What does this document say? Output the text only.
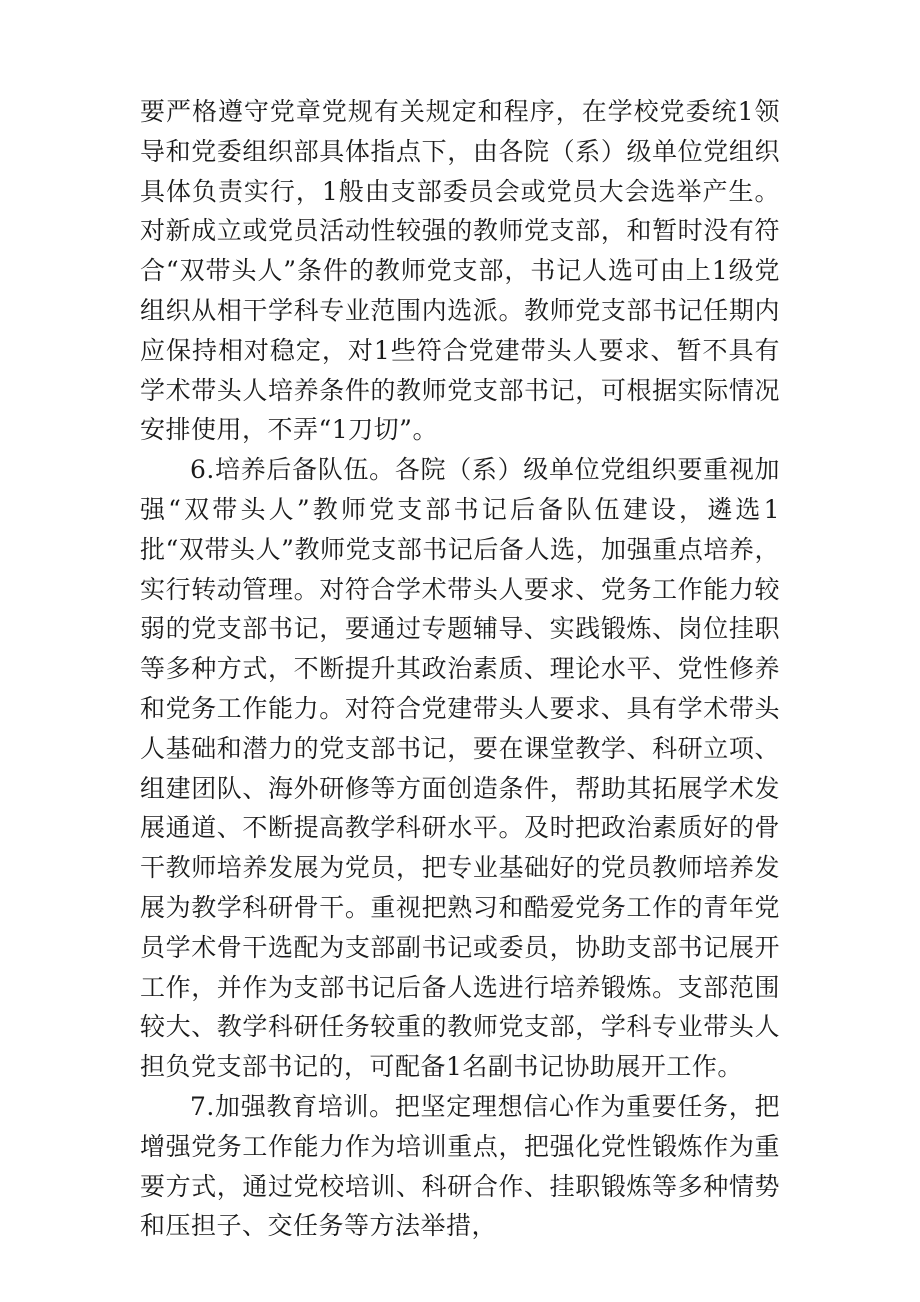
要严格遵守党章党规有关规定和程序，在学校党委统1领导和党委组织部具体指点下，由各院（系）级单位党组织具体负责实行，1般由支部委员会或党员大会选举产生。对新成立或党员活动性较强的教师党支部，和暂时没有符合“双带头人”条件的教师党支部，书记人选可由上1级党组织从相干学科专业范围内选派。教师党支部书记任期内应保持相对稳定，对1些符合党建带头人要求、暂不具有学术带头人培养条件的教师党支部书记，可根据实际情况安排使用，不弄“1刀切”。

6.培养后备队伍。各院（系）级单位党组织要重视加强“双带头人”教师党支部书记后备队伍建设，遴选1批“双带头人”教师党支部书记后备人选，加强重点培养，实行转动管理。对符合学术带头人要求、党务工作能力较弱的党支部书记，要通过专题辅导、实践锻炼、岗位挂职等多种方式，不断提升其政治素质、理论水平、党性修养和党务工作能力。对符合党建带头人要求、具有学术带头人基础和潜力的党支部书记，要在课堂教学、科研立项、组建团队、海外研修等方面创造条件，帮助其拓展学术发展通道、不断提高教学科研水平。及时把政治素质好的骨干教师培养发展为党员，把专业基础好的党员教师培养发展为教学科研骨干。重视把熟习和酷爱党务工作的青年党员学术骨干选配为支部副书记或委员，协助支部书记展开工作，并作为支部书记后备人选进行培养锻炼。支部范围较大、教学科研任务较重的教师党支部，学科专业带头人担负党支部书记的，可配备1名副书记协助展开工作。

7.加强教育培训。把坚定理想信心作为重要任务，把增强党务工作能力作为培训重点，把强化党性锻炼作为重要方式，通过党校培训、科研合作、挂职锻炼等多种情势和压担子、交任务等方法举措，
